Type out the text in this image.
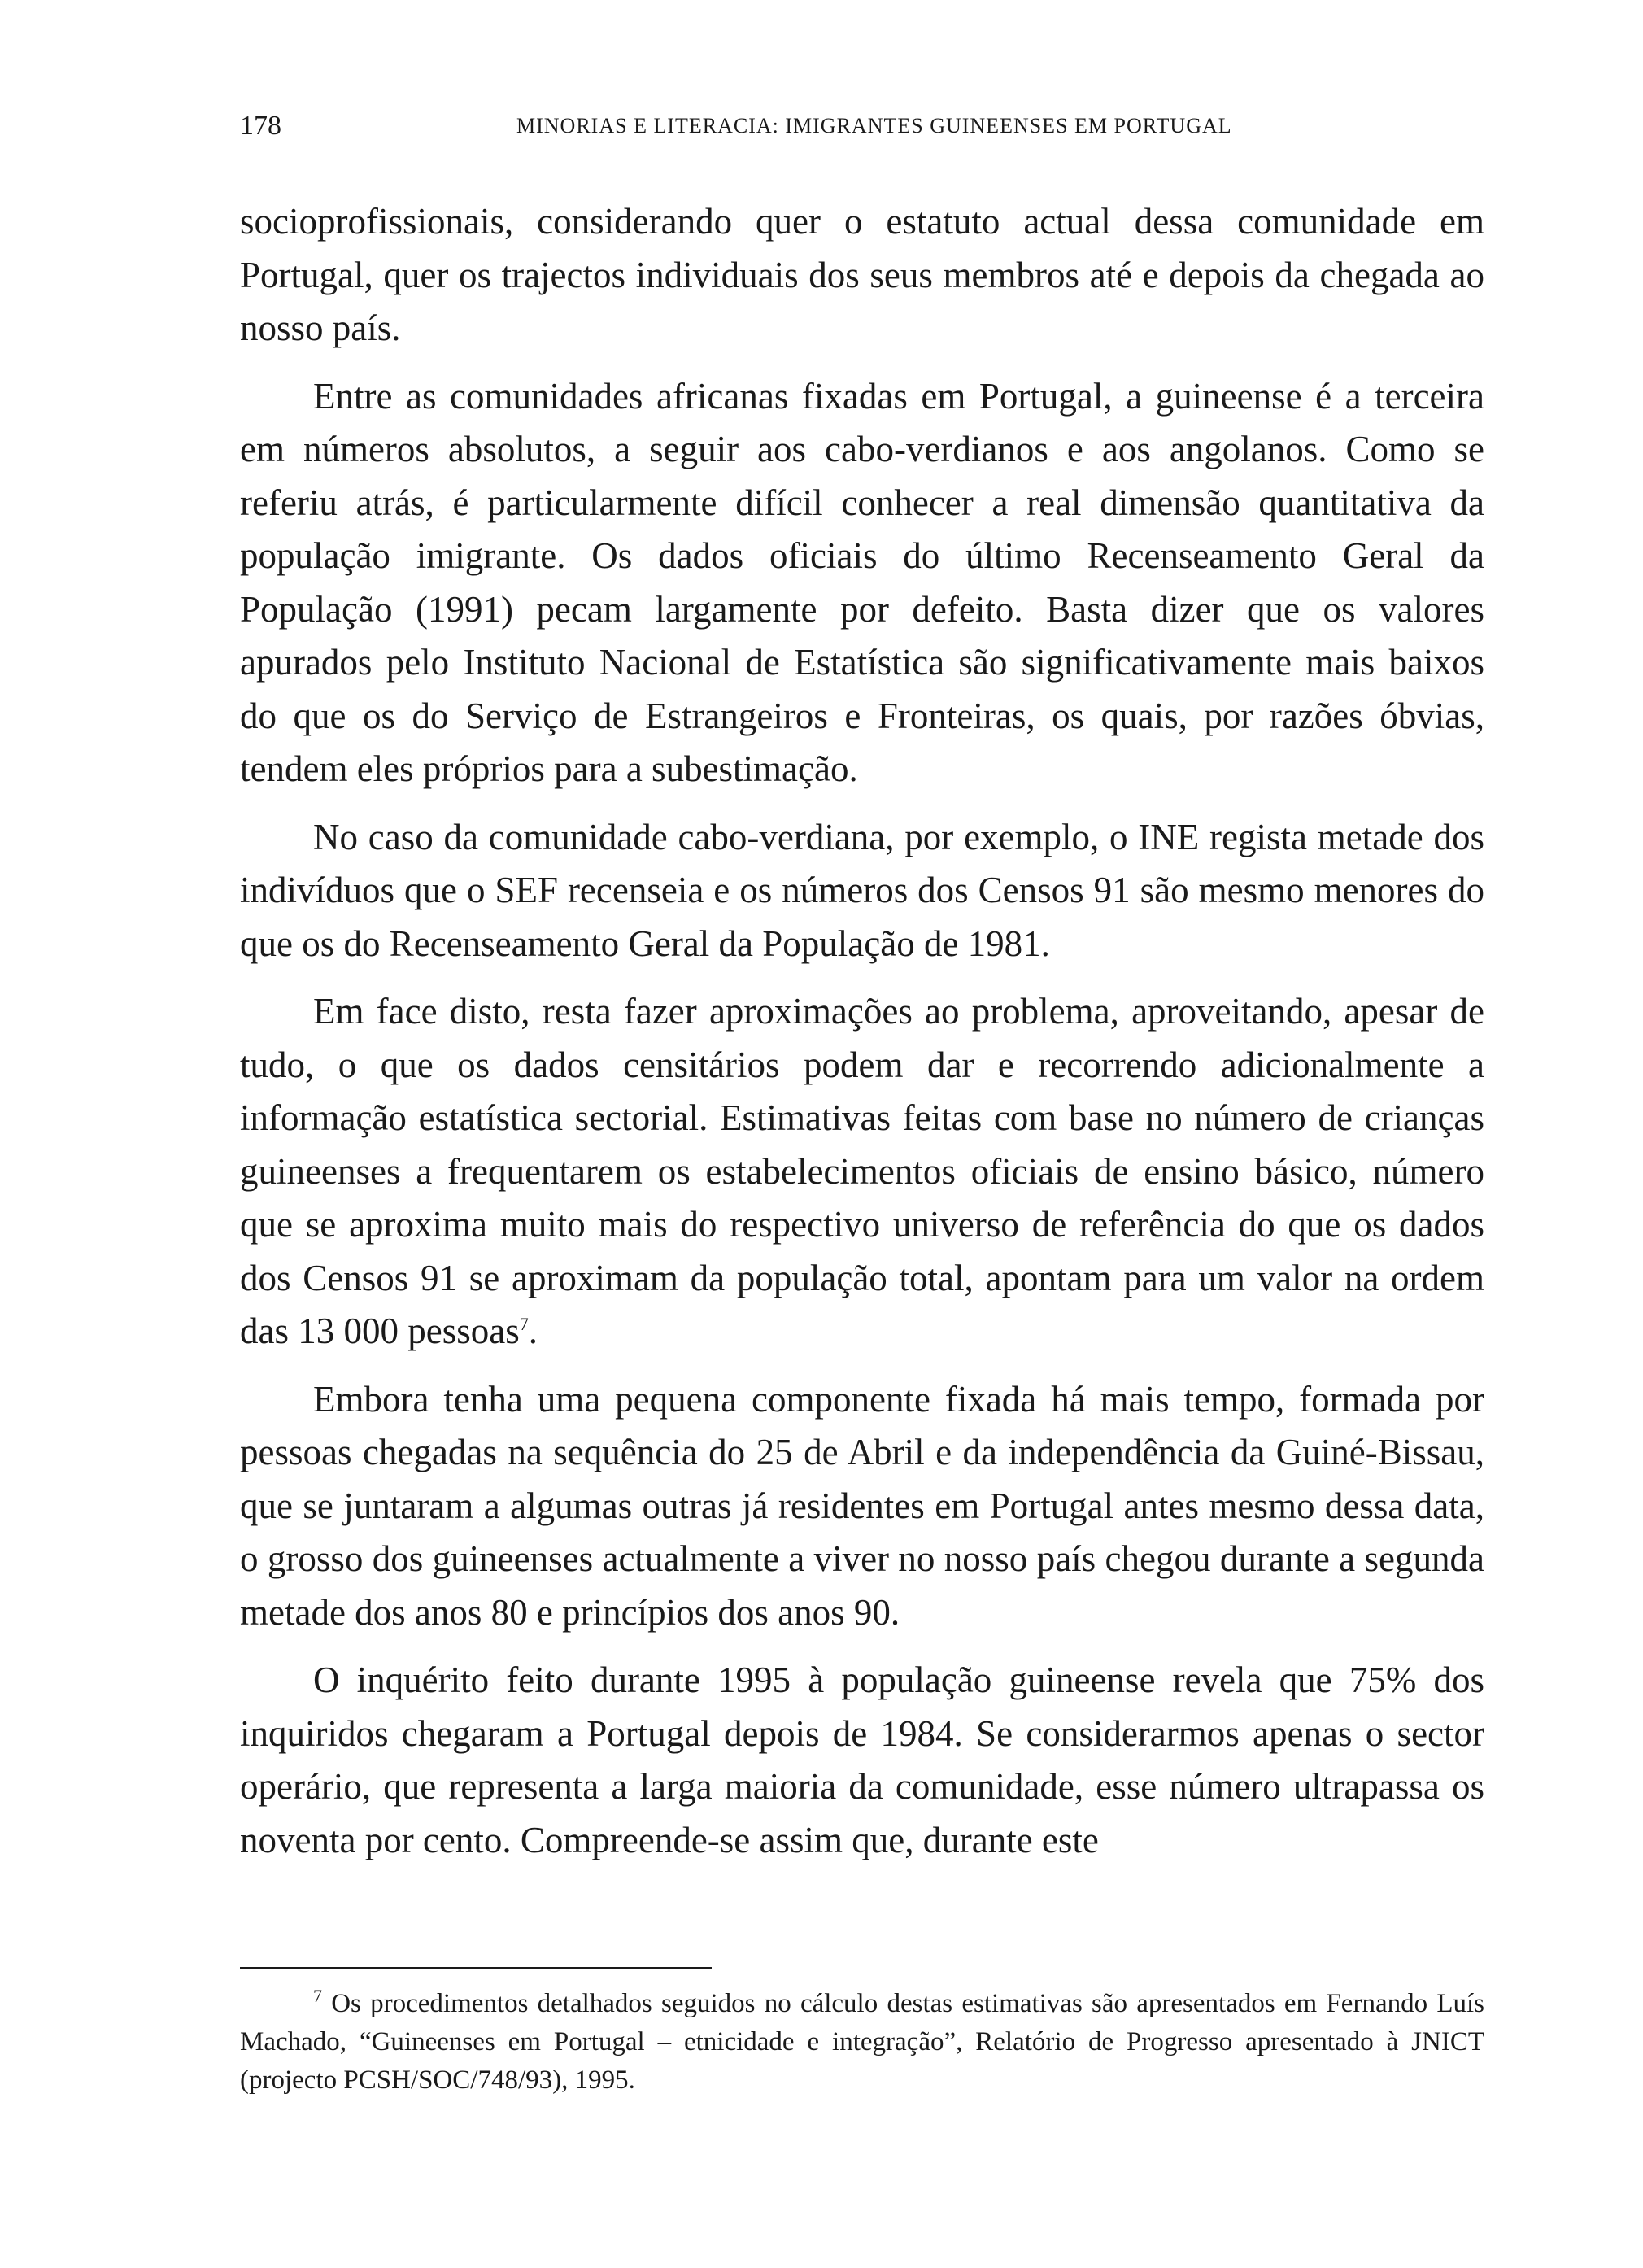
178	MINORIAS E LITERACIA: IMIGRANTES GUINEENSES EM PORTUGAL

socioprofissionais, considerando quer o estatuto actual dessa comunidade em Portugal, quer os trajectos individuais dos seus membros até e depois da chegada ao nosso país.

Entre as comunidades africanas fixadas em Portugal, a guineense é a terceira em números absolutos, a seguir aos cabo-verdianos e aos angolanos. Como se referiu atrás, é particularmente difícil conhecer a real dimensão quantitativa da população imigrante. Os dados oficiais do último Recenseamento Geral da População (1991) pecam largamente por defeito. Basta dizer que os valores apurados pelo Instituto Nacional de Estatística são significativamente mais baixos do que os do Serviço de Estrangeiros e Fronteiras, os quais, por razões óbvias, tendem eles próprios para a subestimação.

No caso da comunidade cabo-verdiana, por exemplo, o INE regista metade dos indivíduos que o SEF recenseia e os números dos Censos 91 são mesmo menores do que os do Recenseamento Geral da População de 1981.

Em face disto, resta fazer aproximações ao problema, aproveitando, apesar de tudo, o que os dados censitários podem dar e recorrendo adicionalmente a informação estatística sectorial. Estimativas feitas com base no número de crianças guineenses a frequentarem os estabelecimentos oficiais de ensino básico, número que se aproxima muito mais do respectivo universo de referência do que os dados dos Censos 91 se aproximam da população total, apontam para um valor na ordem das 13 000 pessoas$^7$.

Embora tenha uma pequena componente fixada há mais tempo, formada por pessoas chegadas na sequência do 25 de Abril e da independência da Guiné-Bissau, que se juntaram a algumas outras já residentes em Portugal antes mesmo dessa data, o grosso dos guineenses actualmente a viver no nosso país chegou durante a segunda metade dos anos 80 e princípios dos anos 90.

O inquérito feito durante 1995 à população guineense revela que 75% dos inquiridos chegaram a Portugal depois de 1984. Se considerarmos apenas o sector operário, que representa a larga maioria da comunidade, esse número ultrapassa os noventa por cento. Compreende-se assim que, durante este

$^7$ Os procedimentos detalhados seguidos no cálculo destas estimativas são apresentados em Fernando Luís Machado, “Guineenses em Portugal – etnicidade e integração”, Relatório de Progresso apresentado à JNICT (projecto PCSH/SOC/748/93), 1995.
